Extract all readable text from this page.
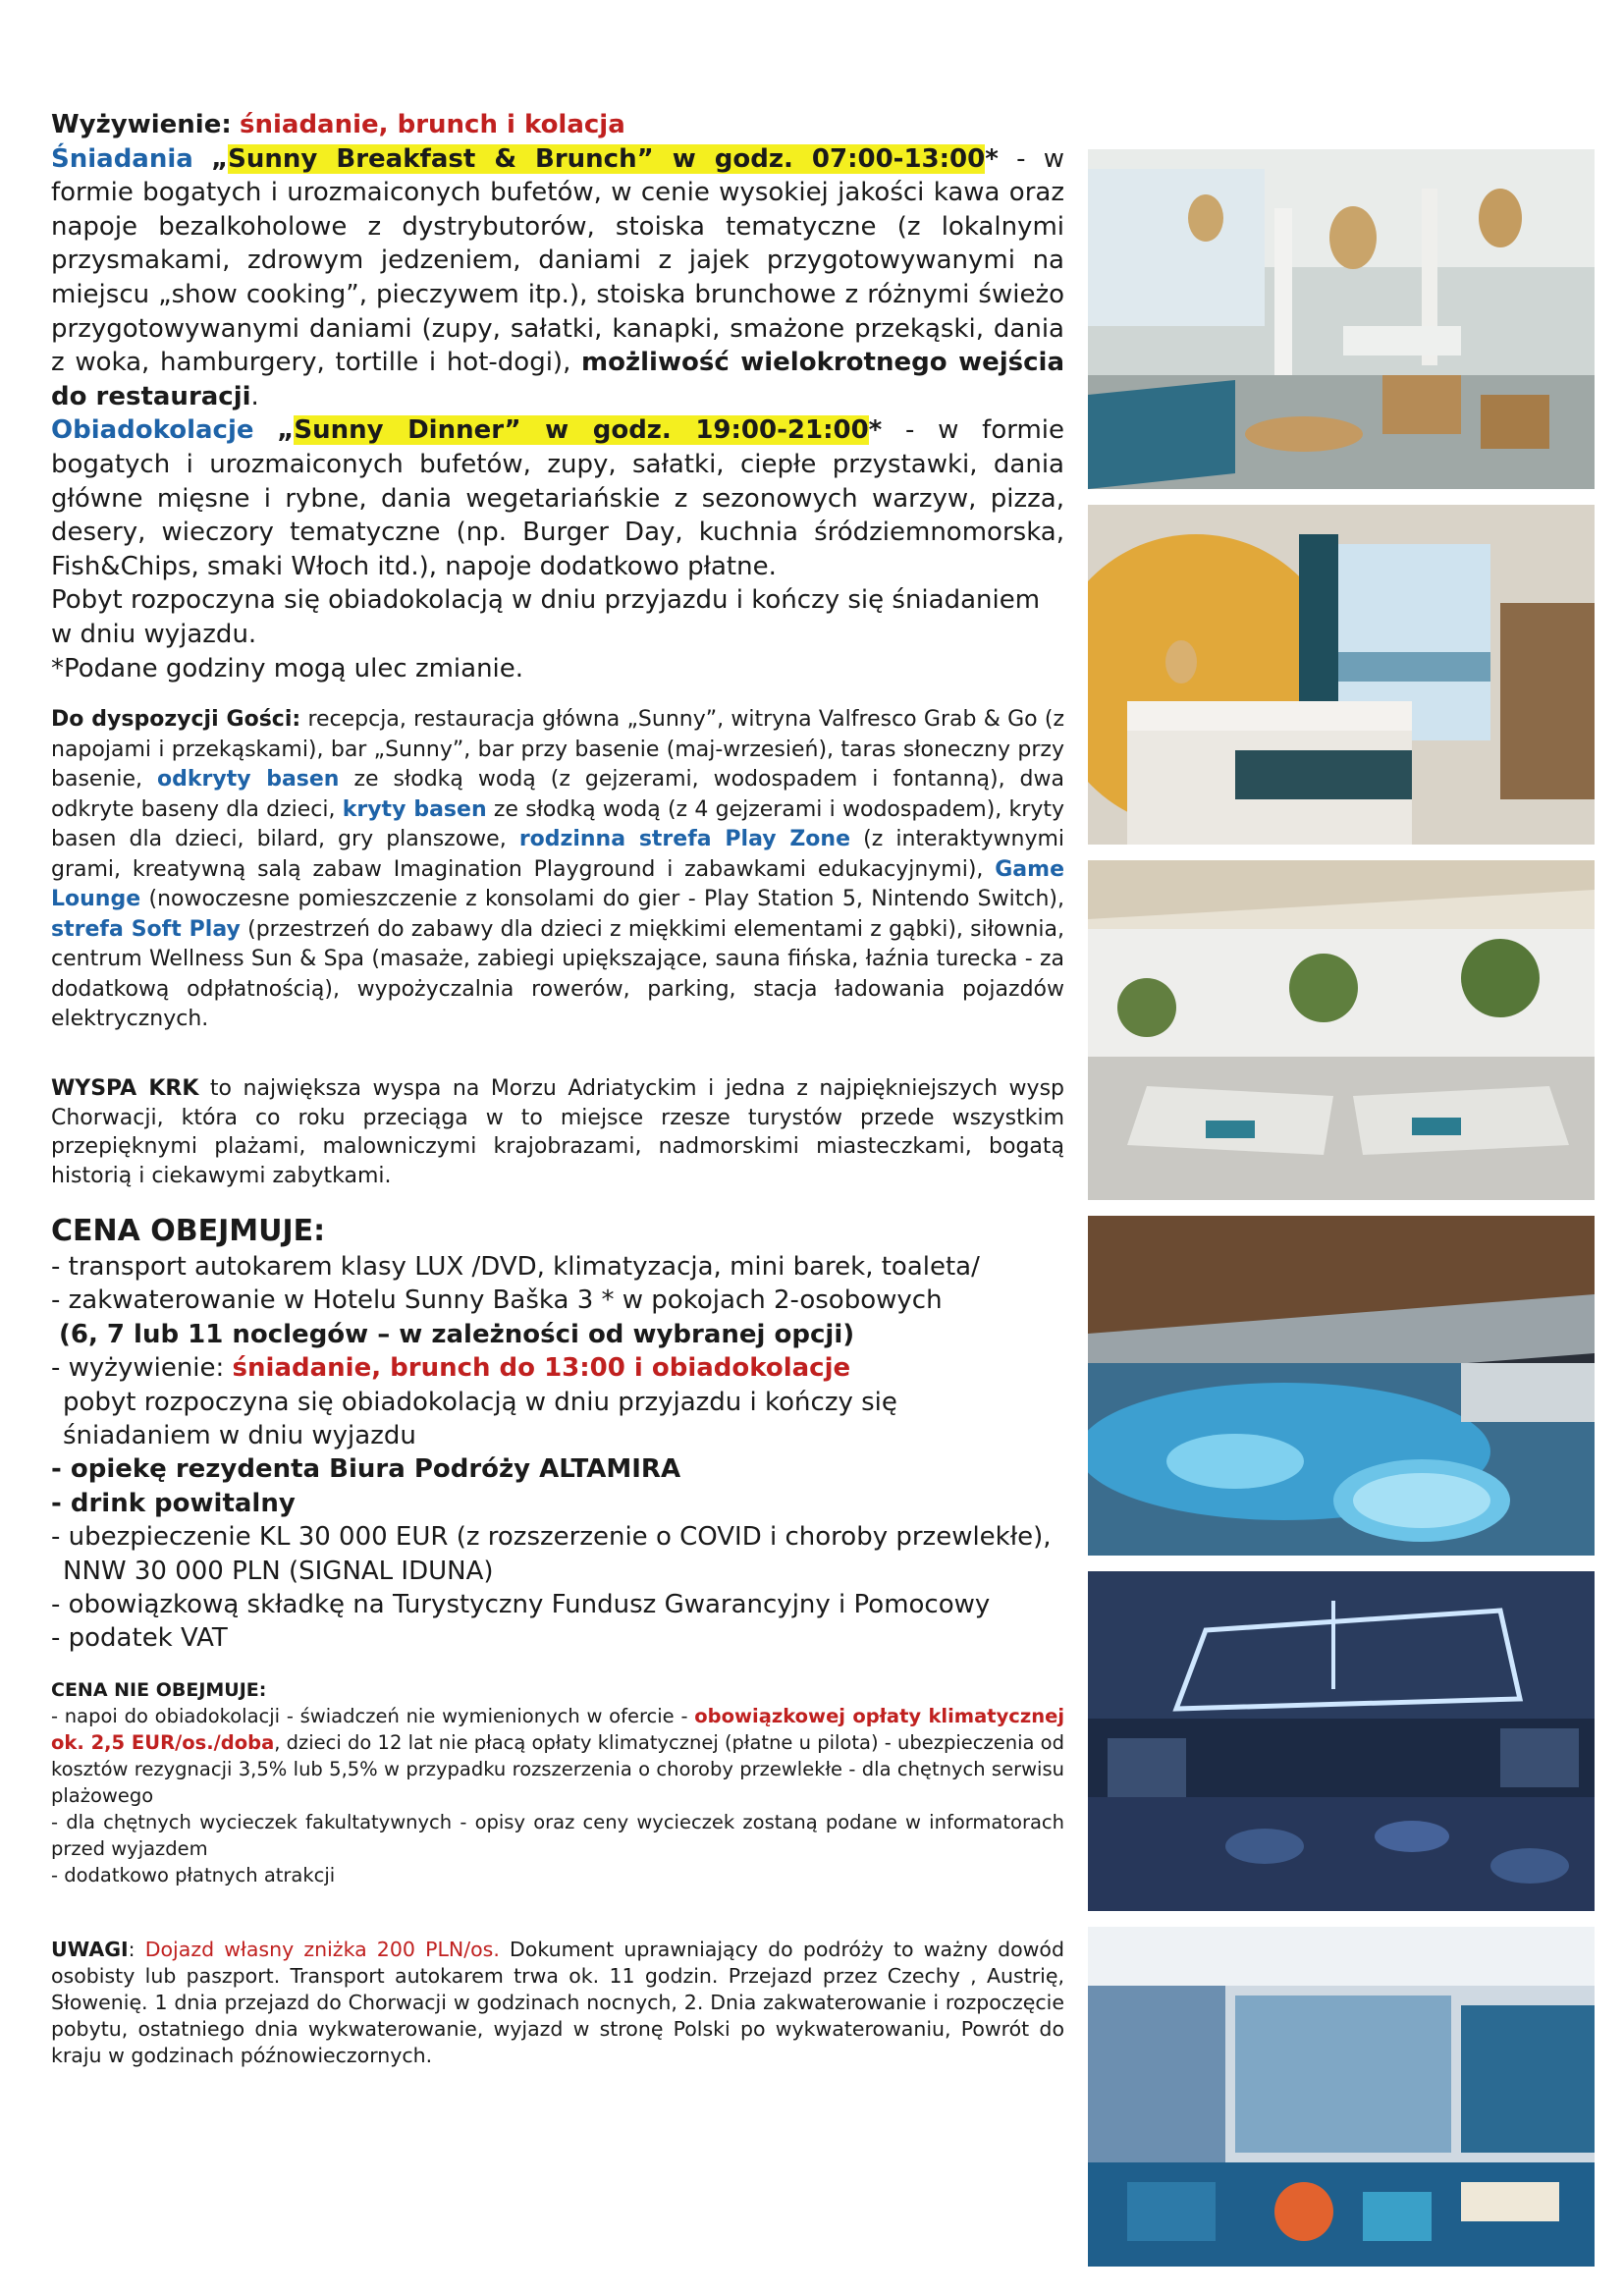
Wyżywienie: śniadanie, brunch i kolacja

Śniadania „Sunny Breakfast & Brunch” w godz. 07:00-13:00* - w formie bogatych i urozmaiconych bufetów, w cenie wysokiej jakości kawa oraz napoje bezalkoholowe z dystrybutorów, stoiska tematyczne (z lokalnymi przysmakami, zdrowym jedzeniem, daniami z jajek przygotowywanymi na miejscu „show cooking”, pieczywem itp.), stoiska brunchowe z różnymi świeżo przygotowywanymi daniami (zupy, sałatki, kanapki, smażone przekąski, dania z woka, hamburgery, tortille i hot-dogi), możliwość wielokrotnego wejścia do restauracji.

Obiadokolacje „Sunny Dinner” w godz. 19:00-21:00* - w formie bogatych i urozmaiconych bufetów, zupy, sałatki, ciepłe przystawki, dania główne mięsne i rybne, dania wegetariańskie z sezonowych warzyw, pizza, desery, wieczory tematyczne (np. Burger Day, kuchnia śródziemnomorska, Fish&Chips, smaki Włoch itd.), napoje dodatkowo płatne.

Pobyt rozpoczyna się obiadokolacją w dniu przyjazdu i kończy się śniadaniem w dniu wyjazdu.

*Podane godziny mogą ulec zmianie.

Do dyspozycji Gości: recepcja, restauracja główna „Sunny”, witryna Valfresco Grab & Go (z napojami i przekąskami), bar „Sunny”, bar przy basenie (maj-wrzesień), taras słoneczny przy basenie, odkryty basen ze słodką wodą (z gejzerami, wodospadem i fontanną), dwa odkryte baseny dla dzieci, kryty basen ze słodką wodą (z 4 gejzerami i wodospadem), kryty basen dla dzieci, bilard, gry planszowe, rodzinna strefa Play Zone (z interaktywnymi grami, kreatywną salą zabaw Imagination Playground i zabawkami edukacyjnymi), Game Lounge (nowoczesne pomieszczenie z konsolami do gier - Play Station 5, Nintendo Switch), strefa Soft Play (przestrzeń do zabawy dla dzieci z miękkimi elementami z gąbki), siłownia, centrum Wellness Sun & Spa (masaże, zabiegi upiększające, sauna fińska, łaźnia turecka - za dodatkową odpłatnością), wypożyczalnia rowerów, parking, stacja ładowania pojazdów elektrycznych.

WYSPA KRK to największa wyspa na Morzu Adriatyckim i jedna z najpiękniejszych wysp Chorwacji, która co roku przeciąga w to miejsce rzesze turystów przede wszystkim przepięknymi plażami, malowniczymi krajobrazami, nadmorskimi miasteczkami, bogatą historią i ciekawymi zabytkami.

CENA OBEJMUJE:
- transport autokarem klasy LUX /DVD, klimatyzacja, mini barek, toaleta/
- zakwaterowanie w Hotelu Sunny Baška 3 * w pokojach 2-osobowych
(6, 7 lub 11 noclegów – w zależności od wybranej opcji)
- wyżywienie: śniadanie, brunch do 13:00 i obiadokolacje
pobyt rozpoczyna się obiadokolacją w dniu przyjazdu i kończy się
śniadaniem w dniu wyjazdu
- opiekę rezydenta Biura Podróży ALTAMIRA
- drink powitalny
- ubezpieczenie KL 30 000 EUR (z rozszerzenie o COVID i choroby przewlekłe),
NNW 30 000 PLN (SIGNAL IDUNA)
- obowiązkową składkę na Turystyczny Fundusz Gwarancyjny i Pomocowy
- podatek VAT
CENA NIE OBEJMUJE:

- napoi do obiadokolacji - świadczeń nie wymienionych w ofercie - obowiązkowej opłaty klimatycznej ok. 2,5 EUR/os./doba, dzieci do 12 lat nie płacą opłaty klimatycznej (płatne u pilota) - ubezpieczenia od kosztów rezygnacji 3,5% lub 5,5% w przypadku rozszerzenia o choroby przewlekłe - dla chętnych serwisu plażowego

- dla chętnych wycieczek fakultatywnych - opisy oraz ceny wycieczek zostaną podane w informatorach przed wyjazdem

- dodatkowo płatnych atrakcji

UWAGI: Dojazd własny zniżka 200 PLN/os. Dokument uprawniający do podróży to ważny dowód osobisty lub paszport. Transport autokarem trwa ok. 11 godzin. Przejazd przez Czechy , Austrię, Słowenię. 1 dnia przejazd do Chorwacji w godzinach nocnych, 2. Dnia zakwaterowanie i rozpoczęcie pobytu, ostatniego dnia wykwaterowanie, wyjazd w stronę Polski po wykwaterowaniu, Powrót do kraju w godzinach późnowieczornych.
